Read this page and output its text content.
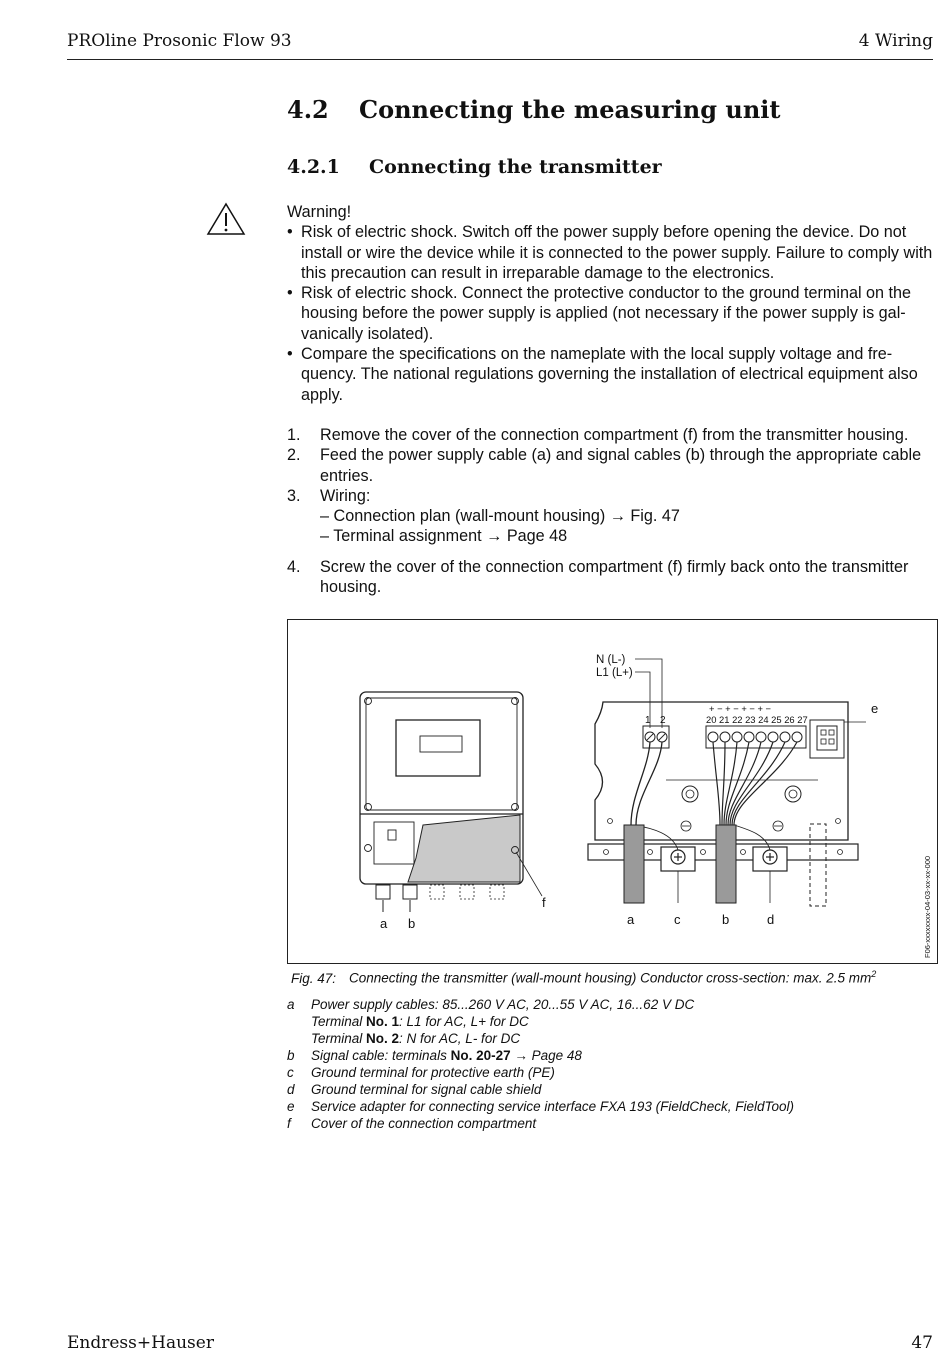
PROline Prosonic Flow 93	4 Wiring
4.2 Connecting the measuring unit
4.2.1 Connecting the transmitter
Warning!
• Risk of electric shock. Switch off the power supply before opening the device. Do not install or wire the device while it is connected to the power supply. Failure to comply with this precaution can result in irreparable damage to the electronics.
• Risk of electric shock. Connect the protective conductor to the ground terminal on the housing before the power supply is applied (not necessary if the power supply is gal-vanically isolated).
• Compare the specifications on the nameplate with the local supply voltage and fre-quency. The national regulations governing the installation of electrical equipment also apply.
1.	Remove the cover of the connection compartment (f) from the transmitter housing.
2.	Feed the power supply cable (a) and signal cables (b) through the appropriate cable entries.
3.	Wiring:
– Connection plan (wall-mount housing) → Fig. 47
– Terminal assignment → Page 48
4.	Screw the cover of the connection compartment (f) firmly back onto the transmitter housing.
N (L-)
L1 (L+)
1 2	20 21 22 23 24 25 26 27
+ − + − + − + −	e
a b
f
a	c	b	d	F06-xxxxxxxx-04-03-xx-xx-000
Fig. 47: Connecting the transmitter (wall-mount housing) Conductor cross-section: max. 2.5 $mm^2$
a	Power supply cables: 85...260 V AC, 20...55 V AC, 16...62 V DC
Terminal No. 1: L1 for AC, L+ for DC
Terminal No. 2: N for AC, L- for DC
b	Signal cable: terminals No. 20-27 → Page 48
c	Ground terminal for protective earth (PE)
d	Ground terminal for signal cable shield
e	Service adapter for connecting service interface FXA 193 (FieldCheck, FieldTool)
f	Cover of the connection compartment
Endress+Hauser	47
